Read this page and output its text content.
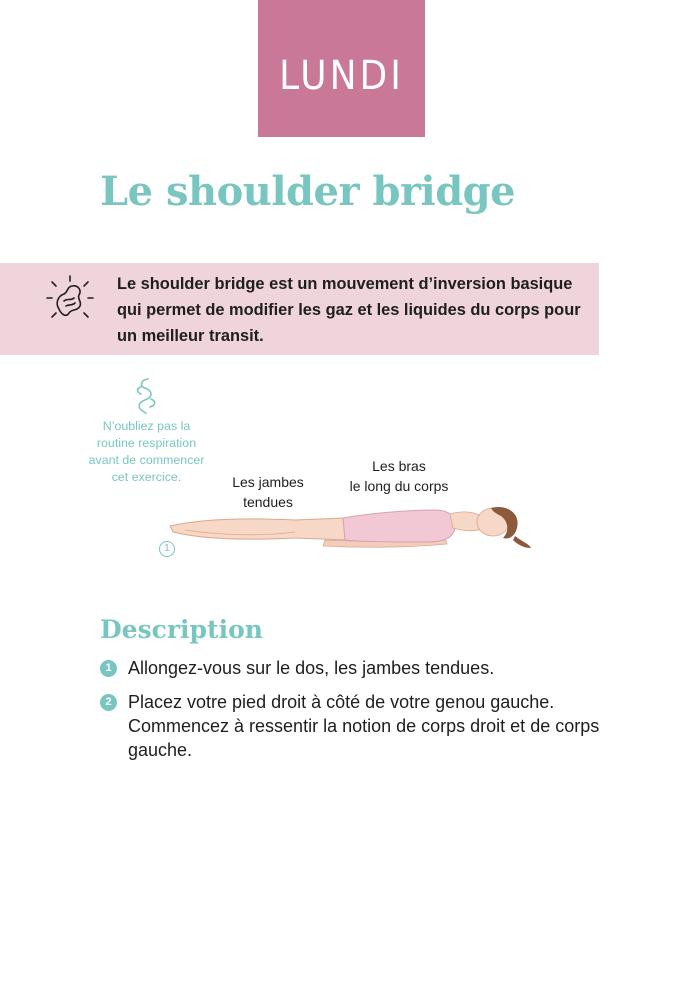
LUNDI
Le shoulder bridge
Le shoulder bridge est un mouvement d’inversion basique
qui permet de modifier les gaz et les liquides du corps pour
un meilleur transit.
N’oubliez pas la
routine respiration
avant de commencer
cet exercice.	Les jambes
tendues
Les bras
le long du corps
1
Description
1 Allongez-vous sur le dos, les jambes tendues.
2 Placez votre pied droit à côté de votre genou gauche.
Commencez à ressentir la notion de corps droit et de corps
gauche.
